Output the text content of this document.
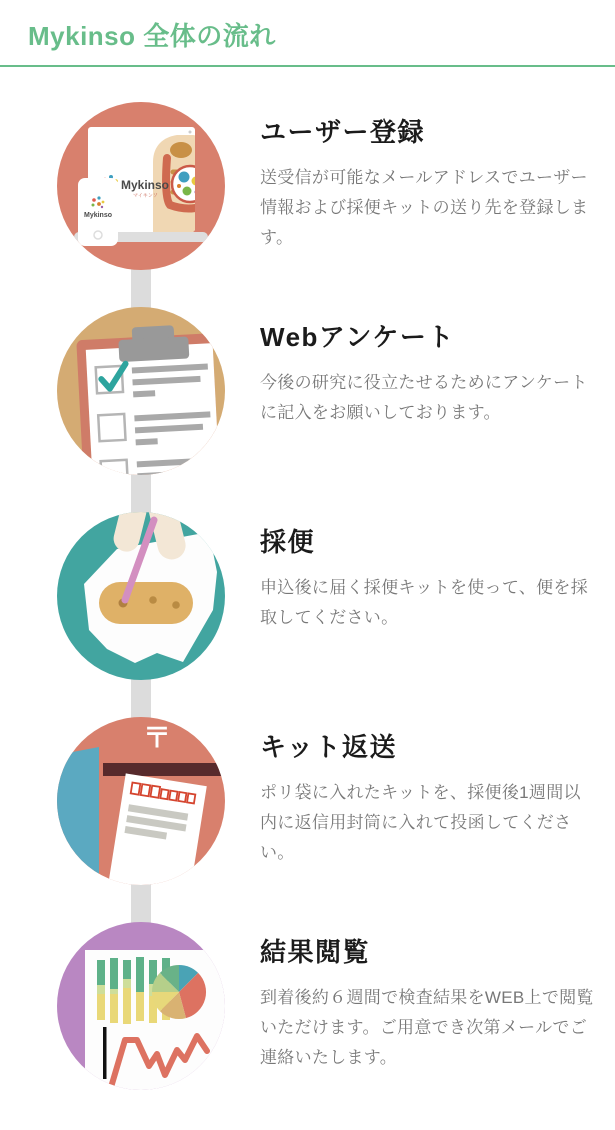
Mykinso 全体の流れ
Mykinso
マイキンソ
Mykinso
ユーザー登録

送受信が可能なメールアドレスでユーザー情報および採便キットの送り先を登録します。

Webアンケート

今後の研究に役立たせるためにアンケートに記入をお願いしております。

採便

申込後に届く採便キットを使って、便を採取してください。

〒	キット返送

ポリ袋に入れたキットを、採便後1週間以内に返信用封筒に入れて投函してください。

結果閲覧

到着後約６週間で検査結果をWEB上で閲覧いただけます。ご用意でき次第メールでご連絡いたします。
